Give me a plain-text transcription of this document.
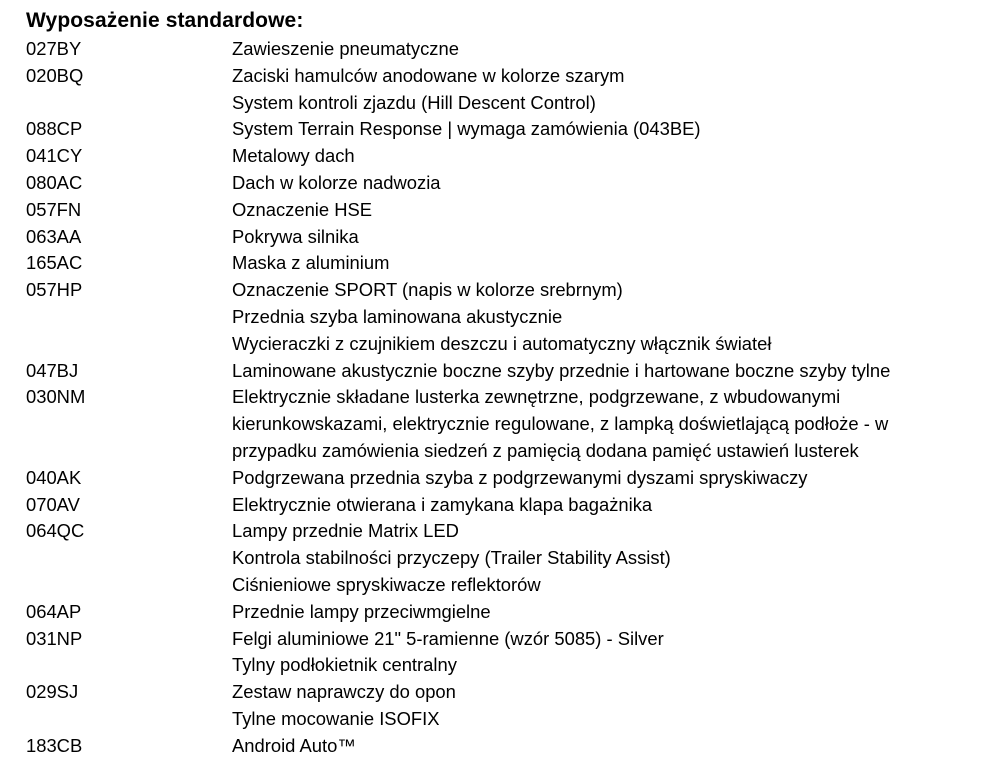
Wyposażenie standardowe:
027BY	Zawieszenie pneumatyczne
020BQ	Zaciski hamulców anodowane w kolorze szarym
System kontroli zjazdu (Hill Descent Control)
088CP	System Terrain Response | wymaga zamówienia (043BE)
041CY	Metalowy dach
080AC	Dach w kolorze nadwozia
057FN	Oznaczenie HSE
063AA	Pokrywa silnika
165AC	Maska z aluminium
057HP	Oznaczenie SPORT (napis w kolorze srebrnym)
Przednia szyba laminowana akustycznie
Wycieraczki z czujnikiem deszczu i automatyczny włącznik świateł
047BJ	Laminowane akustycznie boczne szyby przednie i hartowane boczne szyby tylne
030NM	Elektrycznie składane lusterka zewnętrzne, podgrzewane, z wbudowanymi
kierunkowskazami, elektrycznie regulowane, z lampką doświetlającą podłoże - w
przypadku zamówienia siedzeń z pamięcią dodana pamięć ustawień lusterek
040AK	Podgrzewana przednia szyba z podgrzewanymi dyszami spryskiwaczy
070AV	Elektrycznie otwierana i zamykana klapa bagażnika
064QC	Lampy przednie Matrix LED
Kontrola stabilności przyczepy (Trailer Stability Assist)
Ciśnieniowe spryskiwacze reflektorów
064AP	Przednie lampy przeciwmgielne
031NP	Felgi aluminiowe 21" 5-ramienne (wzór 5085) - Silver
Tylny podłokietnik centralny
029SJ	Zestaw naprawczy do opon
Tylne mocowanie ISOFIX
183CB	Android Auto™
